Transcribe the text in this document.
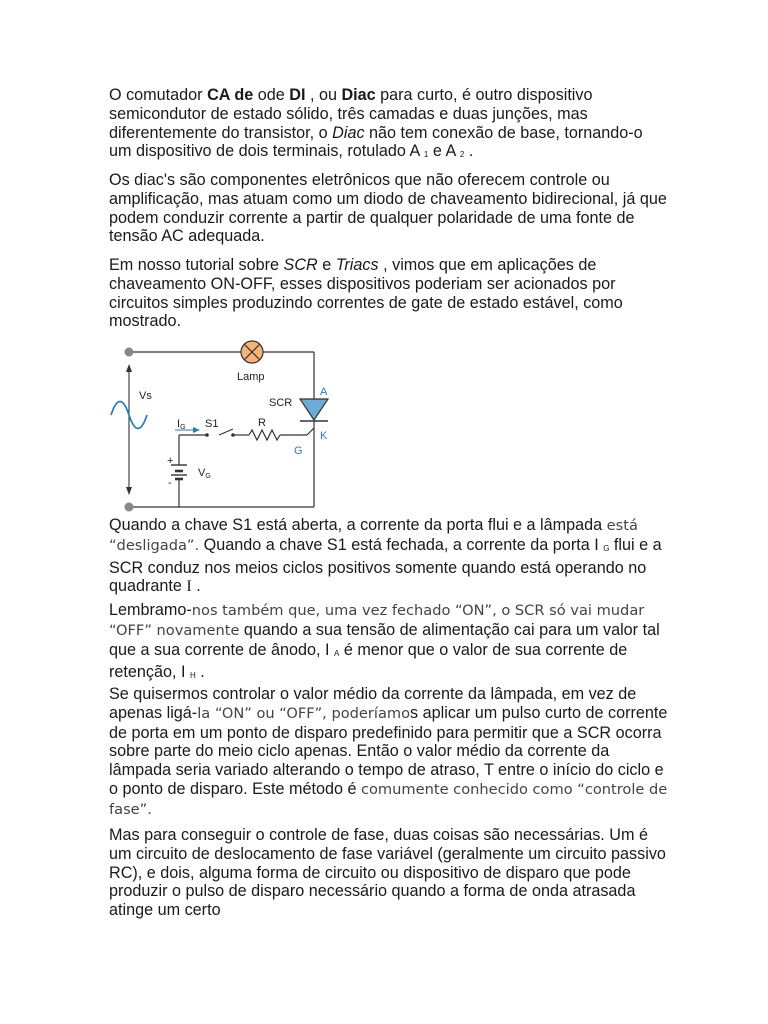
O comutador CA de ode DI , ou Diac para curto, é outro dispositivo semicondutor de estado sólido, três camadas e duas junções, mas diferentemente do transistor, o Diac não tem conexão de base, tornando-o um dispositivo de dois terminais, rotulado A 1 e A 2 .

Os diac's são componentes eletrônicos que não oferecem controle ou amplificação, mas atuam como um diodo de chaveamento bidirecional, já que podem conduzir corrente a partir de qualquer polaridade de uma fonte de tensão AC adequada.

Em nosso tutorial sobre SCR e Triacs , vimos que em aplicações de chaveamento ON-OFF, esses dispositivos poderiam ser acionados por circuitos simples produzindo correntes de gate de estado estável, como mostrado.

Lamp
Vs
SCR
A
K
G
IG S1	R
VG
+
-

Quando a chave S1 está aberta, a corrente da porta flui e a lâmpada está “desligada”. Quando a chave S1 está fechada, a corrente da porta I G flui e a SCR conduz nos meios ciclos positivos somente quando está operando no quadrante I .

Lembramo-nos também que, uma vez fechado “ON”, o SCR só vai mudar “OFF” novamente quando a sua tensão de alimentação cai para um valor tal que a sua corrente de ânodo, I A é menor que o valor de sua corrente de retenção, I H .

Se quisermos controlar o valor médio da corrente da lâmpada, em vez de apenas ligá-la “ON” ou “OFF”, poderíamos aplicar um pulso curto de corrente de porta em um ponto de disparo predefinido para permitir que a SCR ocorra sobre parte do meio ciclo apenas. Então o valor médio da corrente da lâmpada seria variado alterando o tempo de atraso, T entre o início do ciclo e o ponto de disparo. Este método é comumente conhecido como “controle de fase”.

Mas para conseguir o controle de fase, duas coisas são necessárias. Um é um circuito de deslocamento de fase variável (geralmente um circuito passivo RC), e dois, alguma forma de circuito ou dispositivo de disparo que pode produzir o pulso de disparo necessário quando a forma de onda atrasada atinge um certo
